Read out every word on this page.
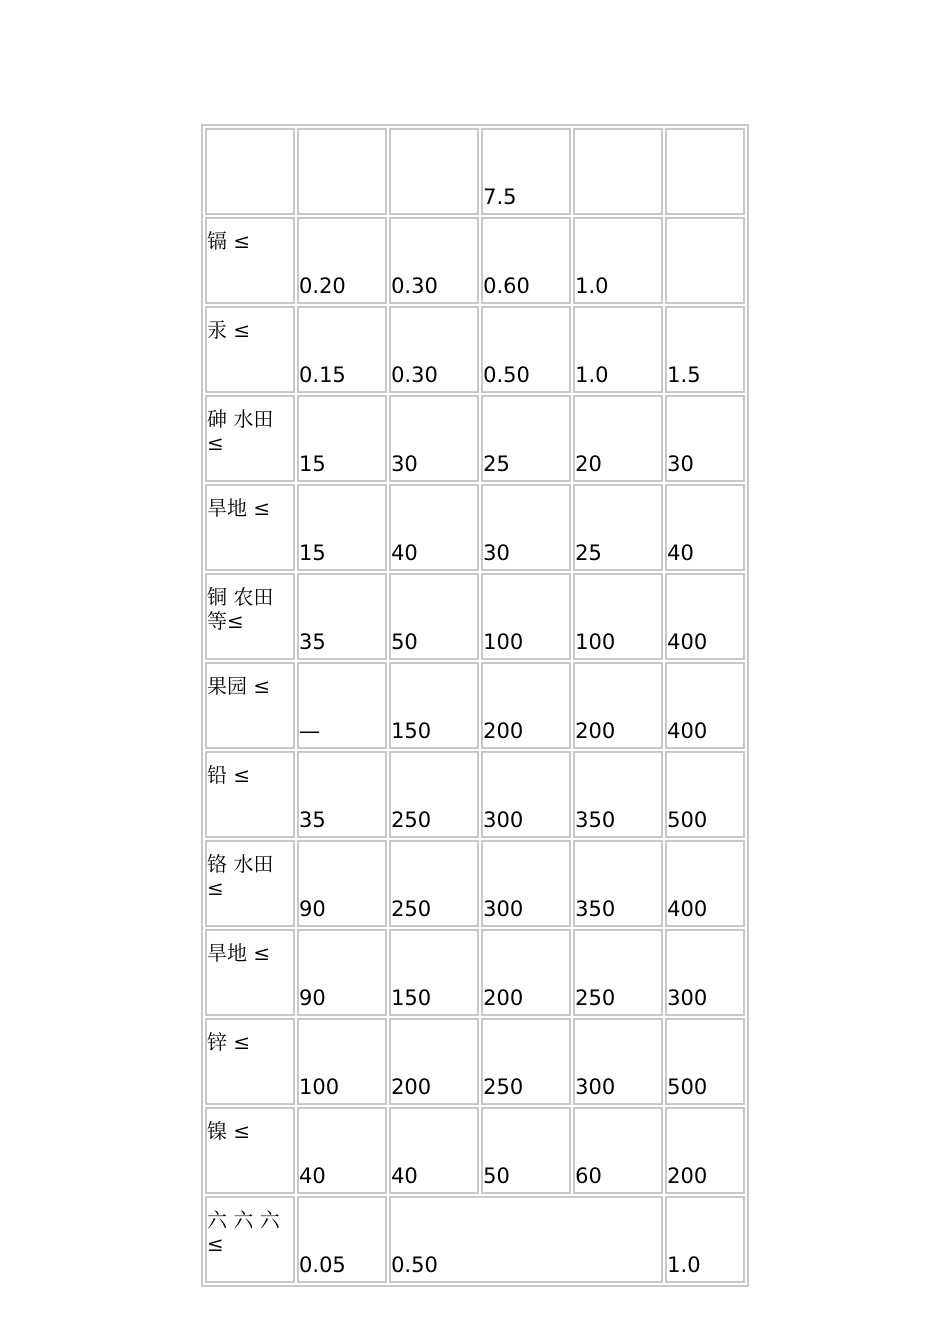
			7.5		

镉 ≤	0.20	0.30	0.60	1.0	

汞 ≤	0.15	0.30	0.50	1.0	1.5

砷 水田
≤	15	30	25	20	30

旱地 ≤	15	40	30	25	40

铜 农田
等≤	35	50	100	100	400

果园 ≤	—	150	200	200	400

铅 ≤	35	250	300	350	500

铬 水田
≤	90	250	300	350	400

旱地 ≤	90	150	200	250	300

锌 ≤	100	200	250	300	500

镍 ≤	40	40	50	60	200

六 六 六
≤	0.05	0.50			1.0
